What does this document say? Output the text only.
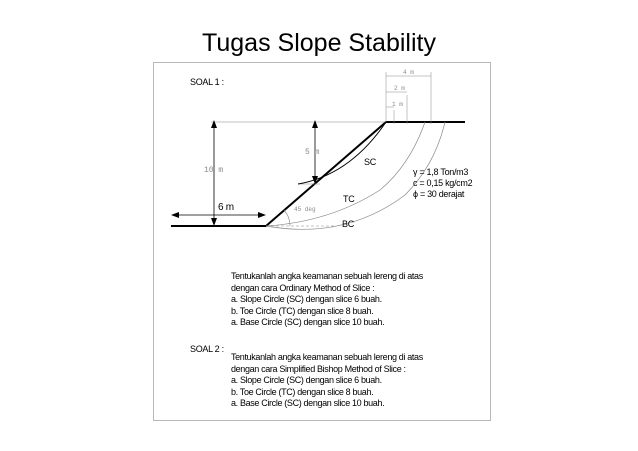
Tugas Slope Stability
SOAL 1 :
4 m
2 m
1 m
10 m
5 m
6 m	45 deg
SC
TC
BC
γ = 1,8 Ton/m3
c = 0,15 kg/cm2
ϕ = 30 derajat
Tentukanlah angka keamanan sebuah lereng di atas
dengan cara Ordinary Method of Slice :
a. Slope Circle (SC) dengan slice 6 buah.
b. Toe Circle (TC) dengan slice 8 buah.
a. Base Circle (SC) dengan slice 10 buah.
SOAL 2 :
Tentukanlah angka keamanan sebuah lereng di atas
dengan cara Simplified Bishop Method of Slice :
a. Slope Circle (SC) dengan slice 6 buah.
b. Toe Circle (TC) dengan slice 8 buah.
a. Base Circle (SC) dengan slice 10 buah.
